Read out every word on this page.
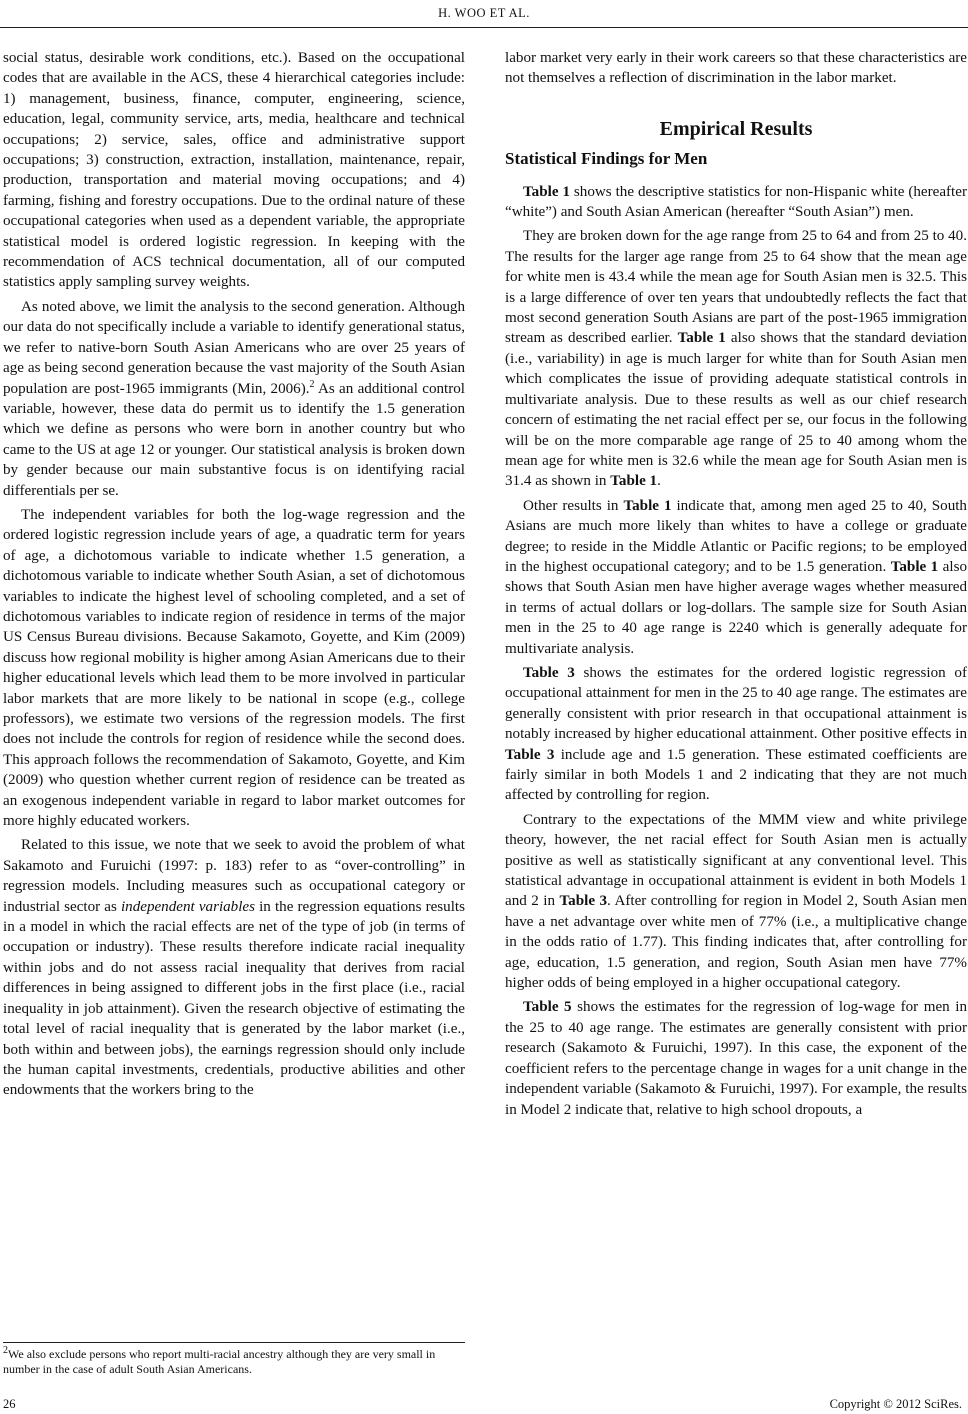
H. WOO ET AL.

social status, desirable work conditions, etc.). Based on the occupational codes that are available in the ACS, these 4 hierarchical categories include: 1) management, business, finance, computer, engineering, science, education, legal, community service, arts, media, healthcare and technical occupations; 2) service, sales, office and administrative support occupations; 3) construction, extraction, installation, maintenance, repair, production, transportation and material moving occupations; and 4) farming, fishing and forestry occupations. Due to the ordinal nature of these occupational categories when used as a dependent variable, the appropriate statistical model is ordered logistic regression. In keeping with the recommendation of ACS technical documentation, all of our computed statistics apply sampling survey weights.

As noted above, we limit the analysis to the second generation. Although our data do not specifically include a variable to identify generational status, we refer to native-born South Asian Americans who are over 25 years of age as being second generation because the vast majority of the South Asian population are post-1965 immigrants (Min, 2006).$^2$ As an additional control variable, however, these data do permit us to identify the 1.5 generation which we define as persons who were born in another country but who came to the US at age 12 or younger. Our statistical analysis is broken down by gender because our main substantive focus is on identifying racial differentials per se.

The independent variables for both the log-wage regression and the ordered logistic regression include years of age, a quadratic term for years of age, a dichotomous variable to indicate whether 1.5 generation, a dichotomous variable to indicate whether South Asian, a set of dichotomous variables to indicate the highest level of schooling completed, and a set of dichotomous variables to indicate region of residence in terms of the major US Census Bureau divisions. Because Sakamoto, Goyette, and Kim (2009) discuss how regional mobility is higher among Asian Americans due to their higher educational levels which lead them to be more involved in particular labor markets that are more likely to be national in scope (e.g., college professors), we estimate two versions of the regression models. The first does not include the controls for region of residence while the second does. This approach follows the recommendation of Sakamoto, Goyette, and Kim (2009) who question whether current region of residence can be treated as an exogenous independent variable in regard to labor market outcomes for more highly educated workers.

Related to this issue, we note that we seek to avoid the problem of what Sakamoto and Furuichi (1997: p. 183) refer to as “over-controlling” in regression models. Including measures such as occupational category or industrial sector as independent variables in the regression equations results in a model in which the racial effects are net of the type of job (in terms of occupation or industry). These results therefore indicate racial inequality within jobs and do not assess racial inequality that derives from racial differences in being assigned to different jobs in the first place (i.e., racial inequality in job attainment). Given the research objective of estimating the total level of racial inequality that is generated by the labor market (i.e., both within and between jobs), the earnings regression should only include the human capital investments, credentials, productive abilities and other endowments that the workers bring to the

labor market very early in their work careers so that these characteristics are not themselves a reflection of discrimination in the labor market.

Empirical Results
Statistical Findings for Men

Table 1 shows the descriptive statistics for non-Hispanic white (hereafter “white”) and South Asian American (hereafter “South Asian”) men.

They are broken down for the age range from 25 to 64 and from 25 to 40. The results for the larger age range from 25 to 64 show that the mean age for white men is 43.4 while the mean age for South Asian men is 32.5. This is a large difference of over ten years that undoubtedly reflects the fact that most second generation South Asians are part of the post-1965 immigration stream as described earlier. Table 1 also shows that the standard deviation (i.e., variability) in age is much larger for white than for South Asian men which complicates the issue of providing adequate statistical controls in multivariate analysis. Due to these results as well as our chief research concern of estimating the net racial effect per se, our focus in the following will be on the more comparable age range of 25 to 40 among whom the mean age for white men is 32.6 while the mean age for South Asian men is 31.4 as shown in Table 1.

Other results in Table 1 indicate that, among men aged 25 to 40, South Asians are much more likely than whites to have a college or graduate degree; to reside in the Middle Atlantic or Pacific regions; to be employed in the highest occupational category; and to be 1.5 generation. Table 1 also shows that South Asian men have higher average wages whether measured in terms of actual dollars or log-dollars. The sample size for South Asian men in the 25 to 40 age range is 2240 which is generally adequate for multivariate analysis.

Table 3 shows the estimates for the ordered logistic regression of occupational attainment for men in the 25 to 40 age range. The estimates are generally consistent with prior research in that occupational attainment is notably increased by higher educational attainment. Other positive effects in Table 3 include age and 1.5 generation. These estimated coefficients are fairly similar in both Models 1 and 2 indicating that they are not much affected by controlling for region.

Contrary to the expectations of the MMM view and white privilege theory, however, the net racial effect for South Asian men is actually positive as well as statistically significant at any conventional level. This statistical advantage in occupational attainment is evident in both Models 1 and 2 in Table 3. After controlling for region in Model 2, South Asian men have a net advantage over white men of 77% (i.e., a multiplicative change in the odds ratio of 1.77). This finding indicates that, after controlling for age, education, 1.5 generation, and region, South Asian men have 77% higher odds of being employed in a higher occupational category.

Table 5 shows the estimates for the regression of log-wage for men in the 25 to 40 age range. The estimates are generally consistent with prior research (Sakamoto & Furuichi, 1997). In this case, the exponent of the coefficient refers to the percentage change in wages for a unit change in the independent variable (Sakamoto & Furuichi, 1997). For example, the results in Model 2 indicate that, relative to high school dropouts, a

$^2$We also exclude persons who report multi-racial ancestry although they are very small in number in the case of adult South Asian Americans.
26	Copyright © 2012 SciRes.
